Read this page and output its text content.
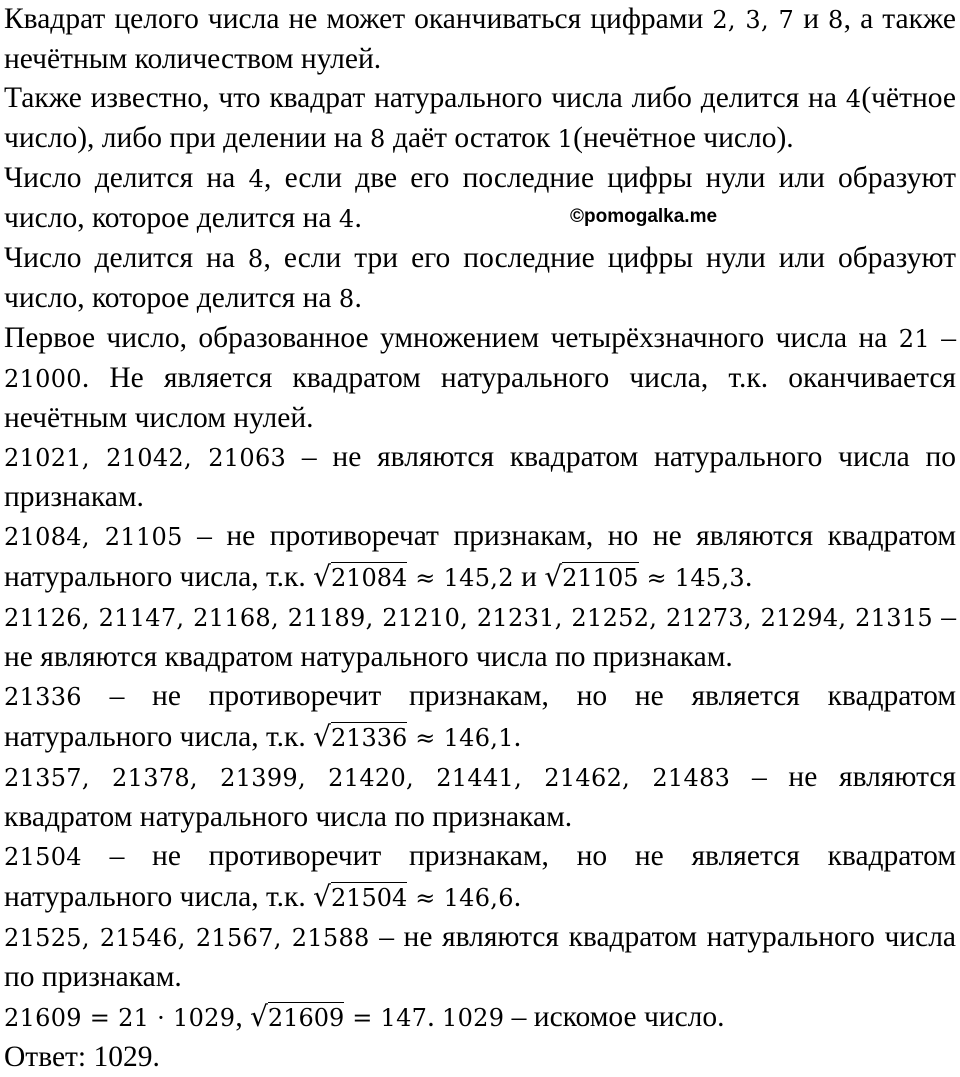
Квадрат целого числа не может оканчиваться цифрами 2, 3, 7 и 8, а также нечётным количеством нулей.

Также известно, что квадрат натурального числа либо делится на 4(чётное число), либо при делении на 8 даёт остаток 1(нечётное число).

Число делится на 4, если две его последние цифры нули или образуют число, которое делится на 4.

Число делится на 8, если три его последние цифры нули или образуют число, которое делится на 8.

Первое число, образованное умножением четырёхзначного числа на 21 – 21000. Не является квадратом натурального числа, т.к. оканчивается нечётным числом нулей.

21021, 21042, 21063 – не являются квадратом натурального числа по признакам.

21084, 21105 – не противоречат признакам, но не являются квадратом натурального числа, т.к. √21084 ≈ 145,2 и √21105 ≈ 145,3.

21126, 21147, 21168, 21189, 21210, 21231, 21252, 21273, 21294, 21315 – не являются квадратом натурального числа по признакам.

21336 – не противоречит признакам, но не является квадратом натурального числа, т.к. √21336 ≈ 146,1.

21357, 21378, 21399, 21420, 21441, 21462, 21483 – не являются квадратом натурального числа по признакам.

21504 – не противоречит признакам, но не является квадратом натурального числа, т.к. √21504 ≈ 146,6.

21525, 21546, 21567, 21588 – не являются квадратом натурального числа по признакам.

21609 = 21 · 1029, √21609 = 147. 1029 – искомое число.

Ответ: 1029.

©pomogalka.me
